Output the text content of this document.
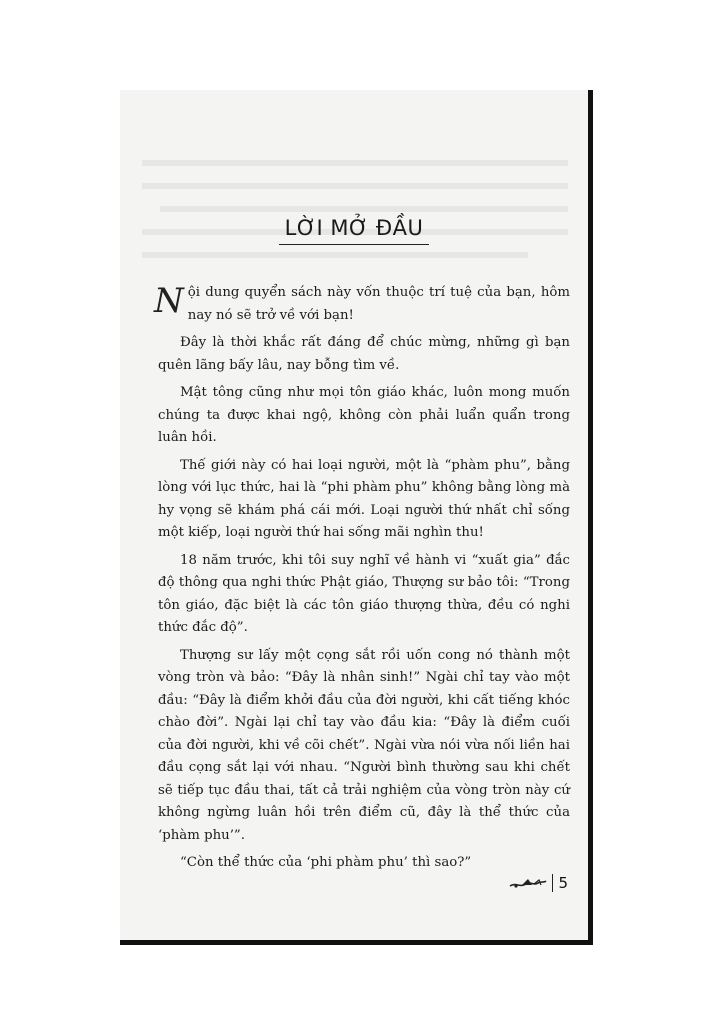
LỜI MỞ ĐẦU

Nội dung quyển sách này vốn thuộc trí tuệ của bạn, hôm nay nó sẽ trở về với bạn!

Đây là thời khắc rất đáng để chúc mừng, những gì bạn quên lãng bấy lâu, nay bỗng tìm về.

Mật tông cũng như mọi tôn giáo khác, luôn mong muốn chúng ta được khai ngộ, không còn phải luẩn quẩn trong luân hồi.

Thế giới này có hai loại người, một là “phàm phu”, bằng lòng với lục thức, hai là “phi phàm phu” không bằng lòng mà hy vọng sẽ khám phá cái mới. Loại người thứ nhất chỉ sống một kiếp, loại người thứ hai sống mãi nghìn thu!

18 năm trước, khi tôi suy nghĩ về hành vi “xuất gia” đắc độ thông qua nghi thức Phật giáo, Thượng sư bảo tôi: “Trong tôn giáo, đặc biệt là các tôn giáo thượng thừa, đều có nghi thức đắc độ”.

Thượng sư lấy một cọng sắt rồi uốn cong nó thành một vòng tròn và bảo: “Đây là nhân sinh!” Ngài chỉ tay vào một đầu: “Đây là điểm khởi đầu của đời người, khi cất tiếng khóc chào đời”. Ngài lại chỉ tay vào đầu kia: “Đây là điểm cuối của đời người, khi về cõi chết”. Ngài vừa nói vừa nối liền hai đầu cọng sắt lại với nhau. “Người bình thường sau khi chết sẽ tiếp tục đầu thai, tất cả trải nghiệm của vòng tròn này cứ không ngừng luân hồi trên điểm cũ, đây là thể thức của ‘phàm phu’”.

“Còn thể thức của ‘phi phàm phu’ thì sao?”

5
